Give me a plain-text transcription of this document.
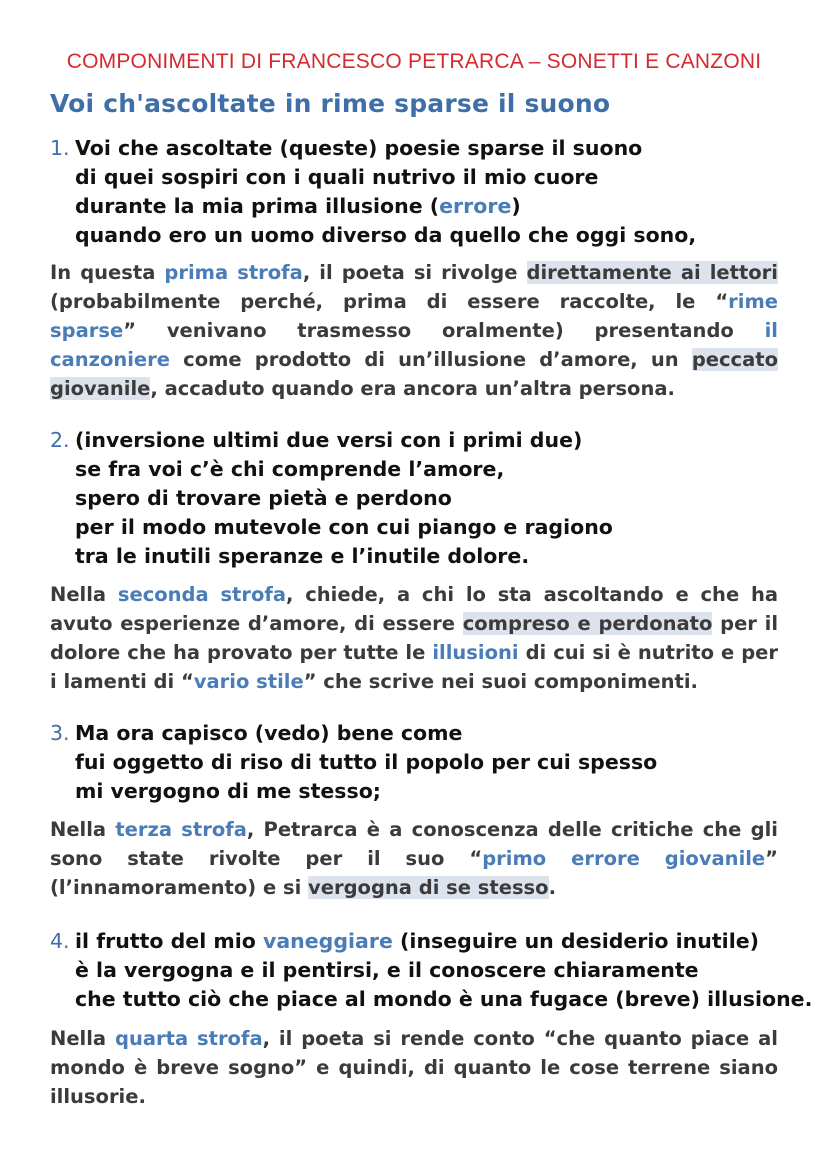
COMPONIMENTI DI FRANCESCO PETRARCA – SONETTI E CANZONI
Voi ch'ascoltate in rime sparse il suono
1. Voi che ascoltate (queste) poesie sparse il suono
di quei sospiri con i quali nutrivo il mio cuore
durante la mia prima illusione (errore)
quando ero un uomo diverso da quello che oggi sono,
In questa prima strofa, il poeta si rivolge direttamente ai lettori (probabilmente perché, prima di essere raccolte, le “rime sparse” venivano trasmesso oralmente) presentando il canzoniere come prodotto di un’illusione d’amore, un peccato giovanile, accaduto quando era ancora un’altra persona.
2. (inversione ultimi due versi con i primi due)
se fra voi c’è chi comprende l’amore,
spero di trovare pietà e perdono
per il modo mutevole con cui piango e ragiono
tra le inutili speranze e l’inutile dolore.
Nella seconda strofa, chiede, a chi lo sta ascoltando e che ha avuto esperienze d’amore, di essere compreso e perdonato per il dolore che ha provato per tutte le illusioni di cui si è nutrito e per i lamenti di “vario stile” che scrive nei suoi componimenti.
3. Ma ora capisco (vedo) bene come
fui oggetto di riso di tutto il popolo per cui spesso
mi vergogno di me stesso;
Nella terza strofa, Petrarca è a conoscenza delle critiche che gli sono state rivolte per il suo “primo errore giovanile” (l’innamoramento) e si vergogna di se stesso.
4. il frutto del mio vaneggiare (inseguire un desiderio inutile)
è la vergogna e il pentirsi, e il conoscere chiaramente
che tutto ciò che piace al mondo è una fugace (breve) illusione.
Nella quarta strofa, il poeta si rende conto “che quanto piace al mondo è breve sogno” e quindi, di quanto le cose terrene siano illusorie.
